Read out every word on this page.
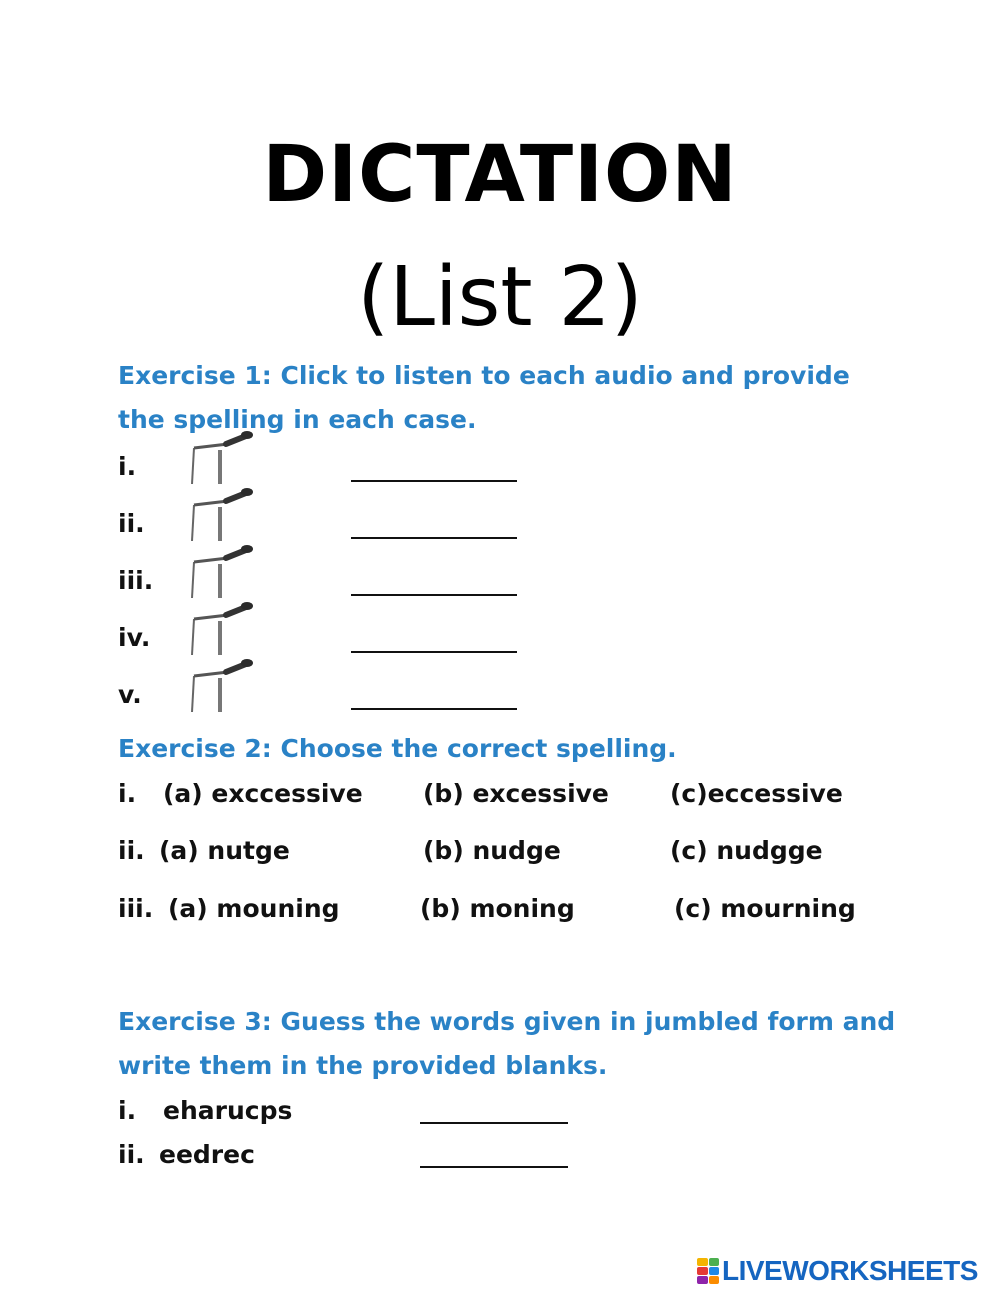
DICTATION
(List 2)
Exercise 1: Click to listen to each audio and provide the spelling in each case.
i.
ii.
iii.
iv.
v.
Exercise 2: Choose the correct spelling.
i. (a) exccessive (b) excessive (c)eccessive
ii. (a) nutge	(b) nudge	(c) nudgge
iii. (a) mouning	(b) moning	(c) mourning
Exercise 3: Guess the words given in jumbled form and write them in the provided blanks.
i. eharucps
ii. eedrec
LIVEWORKSHEETS
